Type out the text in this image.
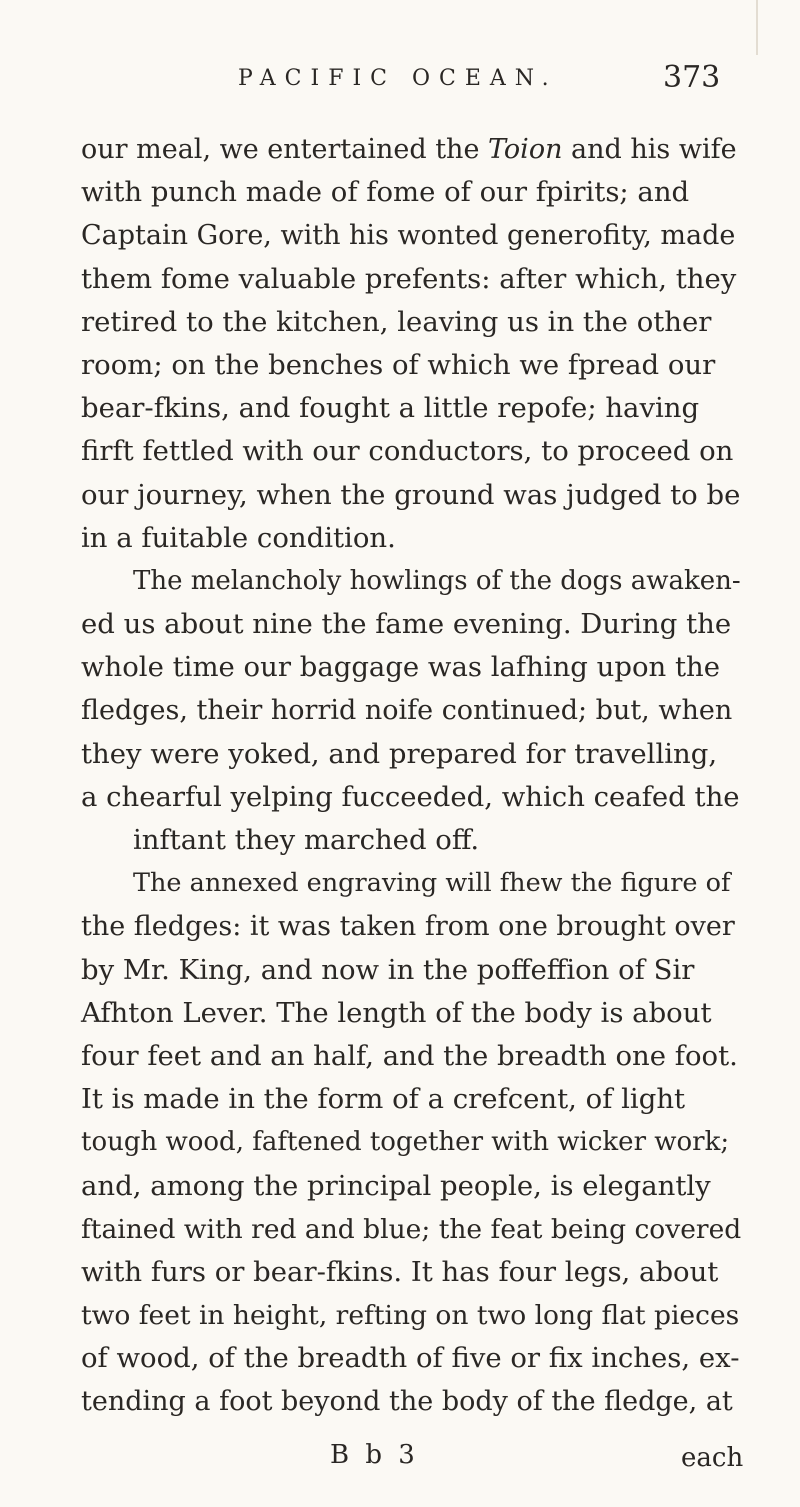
PACIFIC OCEAN.	373
our meal, we entertained the Toion and his wife
with punch made of fome of our fpirits; and
Captain Gore, with his wonted generofity, made
them fome valuable prefents: after which, they
retired to the kitchen, leaving us in the other
room; on the benches of which we fpread our
bear-fkins, and fought a little repofe; having
firft fettled with our conductors, to proceed on
our journey, when the ground was judged to be
in a fuitable condition.
The melancholy howlings of the dogs awaken-
ed us about nine the fame evening. During the
whole time our baggage was lafhing upon the
fledges, their horrid noife continued; but, when
they were yoked, and prepared for travelling,
a chearful yelping fucceeded, which ceafed the
inftant they marched off.
The annexed engraving will fhew the figure of
the fledges: it was taken from one brought over
by Mr. King, and now in the poffeffion of Sir
Afhton Lever. The length of the body is about
four feet and an half, and the breadth one foot.
It is made in the form of a crefcent, of light
tough wood, faftened together with wicker work;
and, among the principal people, is elegantly
ftained with red and blue; the feat being covered
with furs or bear-fkins. It has four legs, about
two feet in height, refting on two long flat pieces
of wood, of the breadth of five or fix inches, ex-
tending a foot beyond the body of the fledge, at
B b 3	each
